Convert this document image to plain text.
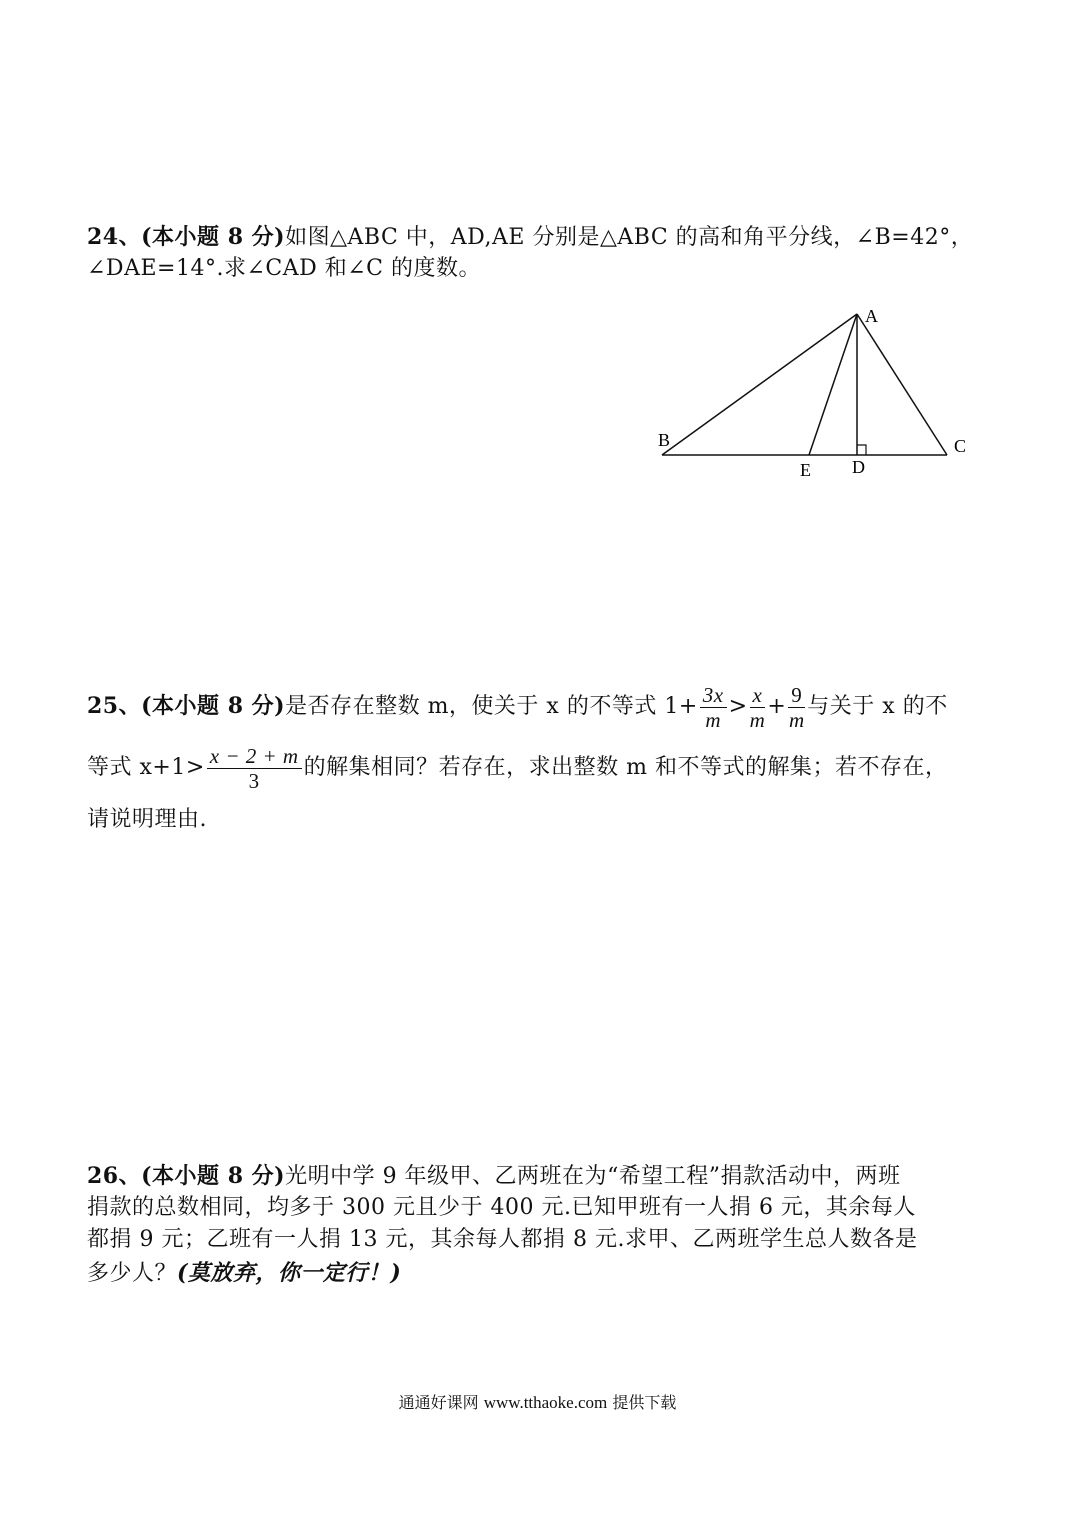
24、(本小题 8 分)如图△ABC 中，AD,AE 分别是△ABC 的高和角平分线，∠B=42°，
∠DAE=14°.求∠CAD 和∠C 的度数。
A
B	C
D
E
25、(本小题 8 分)是否存在整数 m，使关于 x 的不等式 $1+ \frac{3x}{m} > \frac{x}{m} + \frac{9}{m}$ 与关于 x 的不
等式 $x+1> \frac{x - 2 + m}{3}$ 的解集相同？若存在，求出整数 m 和不等式的解集；若不存在，
请说明理由.
26、(本小题 8 分)光明中学 9 年级甲、乙两班在为“希望工程”捐款活动中，两班
捐款的总数相同，均多于 300 元且少于 400 元.已知甲班有一人捐 6 元，其余每人
都捐 9 元；乙班有一人捐 13 元，其余每人都捐 8 元.求甲、乙两班学生总人数各是
多少人？(莫放弃，你一定行！)
通通好课网 www.tthaoke.com 提供下载
